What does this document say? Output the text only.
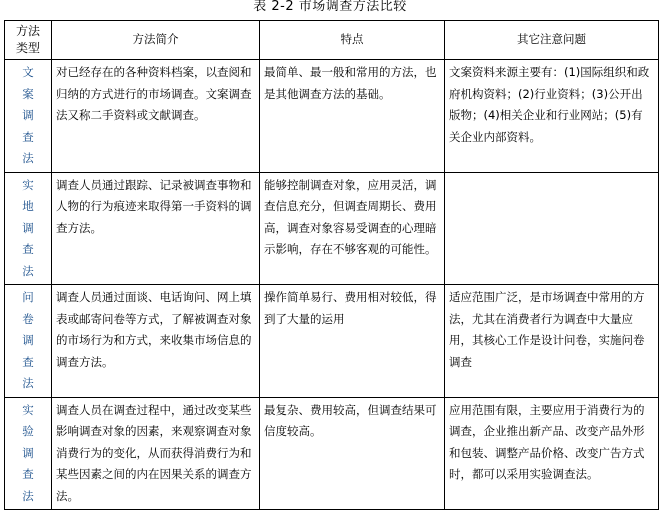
表 2-2 市场调查方法比较
方法类型	方法简介	特点	其它注意问题
文案调查法	对已经存在的各种资料档案，以查阅和归纳的方式进行的市场调查。文案调查法又称二手资料或文献调查。	最简单、最一般和常用的方法，也是其他调查方法的基础。	文案资料来源主要有：(1)国际组织和政府机构资料；(2)行业资料；(3)公开出版物；(4)相关企业和行业网站；(5)有关企业内部资料。
实地调查法	调查人员通过跟踪、记录被调查事物和人物的行为痕迹来取得第一手资料的调查方法。	能够控制调查对象，应用灵活，调查信息充分，但调查周期长、费用高，调查对象容易受调查的心理暗示影响，存在不够客观的可能性。	
问卷调查法	调查人员通过面谈、电话询问、网上填表或邮寄问卷等方式，了解被调查对象的市场行为和方式，来收集市场信息的调查方法。	操作简单易行、费用相对较低，得到了大量的运用	适应范围广泛，是市场调查中常用的方法，尤其在消费者行为调查中大量应用，其核心工作是设计问卷，实施问卷调查
实验调查法	调查人员在调查过程中，通过改变某些影响调查对象的因素，来观察调查对象消费行为的变化，从而获得消费行为和某些因素之间的内在因果关系的调查方法。	最复杂、费用较高，但调查结果可信度较高。	应用范围有限，主要应用于消费行为的调查，企业推出新产品、改变产品外形和包装、调整产品价格、改变广告方式时，都可以采用实验调查法。
